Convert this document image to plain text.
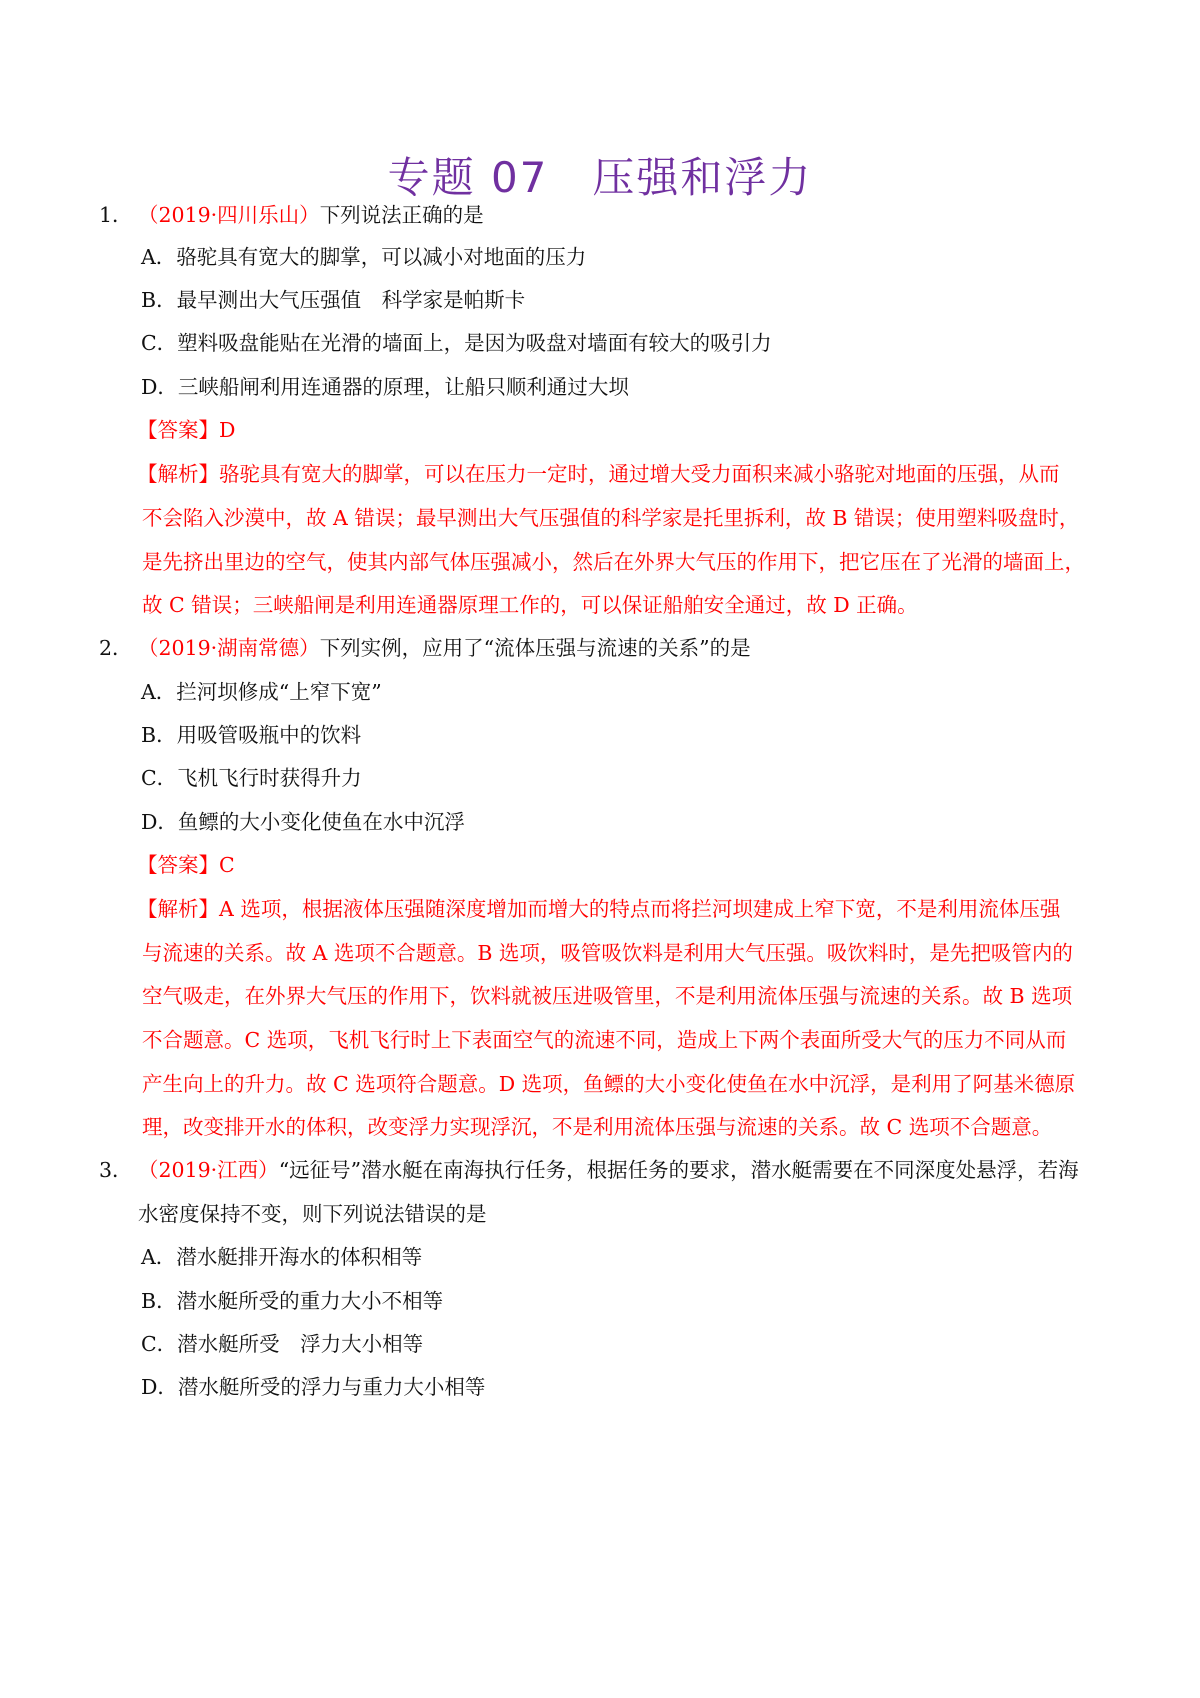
专题 07　压强和浮力
1． （2019·四川乐山）下列说法正确的是
A．骆驼具有宽大的脚掌，可以减小对地面的压力
B．最早测出大气压强值　科学家是帕斯卡
C．塑料吸盘能贴在光滑的墙面上，是因为吸盘对墙面有较大的吸引力
D．三峡船闸利用连通器的原理，让船只顺利通过大坝
【答案】D
【解析】骆驼具有宽大的脚掌，可以在压力一定时，通过增大受力面积来减小骆驼对地面的压强，从而
不会陷入沙漠中，故 A 错误；最早测出大气压强值的科学家是托里拆利，故 B 错误；使用塑料吸盘时，
是先挤出里边的空气，使其内部气体压强减小，然后在外界大气压的作用下，把它压在了光滑的墙面上，
故 C 错误；三峡船闸是利用连通器原理工作的，可以保证船舶安全通过，故 D 正确。
2． （2019·湖南常德）下列实例，应用了“流体压强与流速的关系”的是
A．拦河坝修成“上窄下宽”
B．用吸管吸瓶中的饮料
C．飞机飞行时获得升力
D．鱼鳔的大小变化使鱼在水中沉浮
【答案】C
【解析】A 选项，根据液体压强随深度增加而增大的特点而将拦河坝建成上窄下宽，不是利用流体压强
与流速的关系。故 A 选项不合题意。B 选项，吸管吸饮料是利用大气压强。吸饮料时，是先把吸管内的
空气吸走，在外界大气压的作用下，饮料就被压进吸管里，不是利用流体压强与流速的关系。故 B 选项
不合题意。C 选项，飞机飞行时上下表面空气的流速不同，造成上下两个表面所受大气的压力不同从而
产生向上的升力。故 C 选项符合题意。D 选项，鱼鳔的大小变化使鱼在水中沉浮，是利用了阿基米德原
理，改变排开水的体积，改变浮力实现浮沉，不是利用流体压强与流速的关系。故 C 选项不合题意。
3． （2019·江西）“远征号”潜水艇在南海执行任务，根据任务的要求，潜水艇需要在不同深度处悬浮，若海
水密度保持不变，则下列说法错误的是
A．潜水艇排开海水的体积相等
B．潜水艇所受的重力大小不相等
C．潜水艇所受　浮力大小相等
D．潜水艇所受的浮力与重力大小相等
